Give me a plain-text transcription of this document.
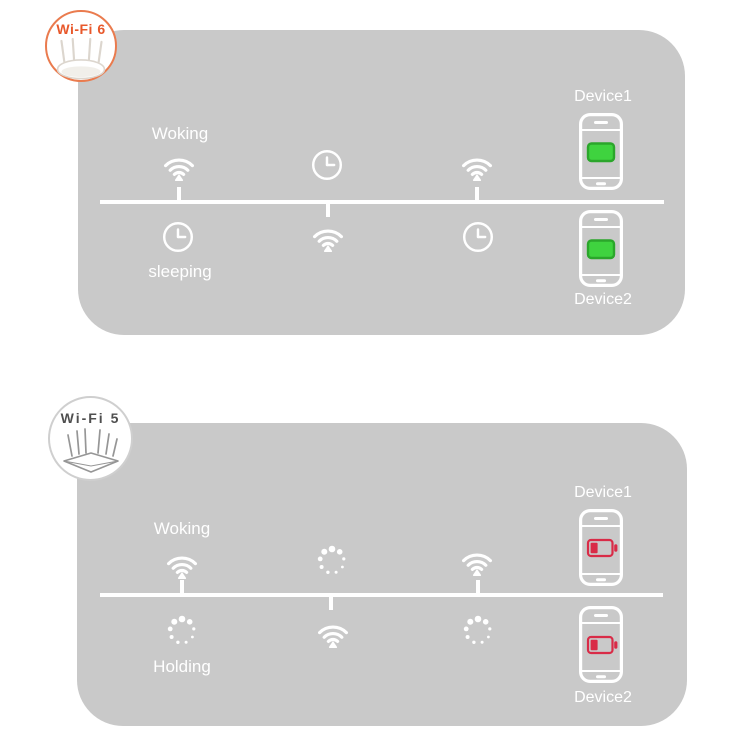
Wi-Fi 6
Woking
sleeping
Device1
Device2
Wi-Fi 5
Woking
Holding
Device1
Device2
